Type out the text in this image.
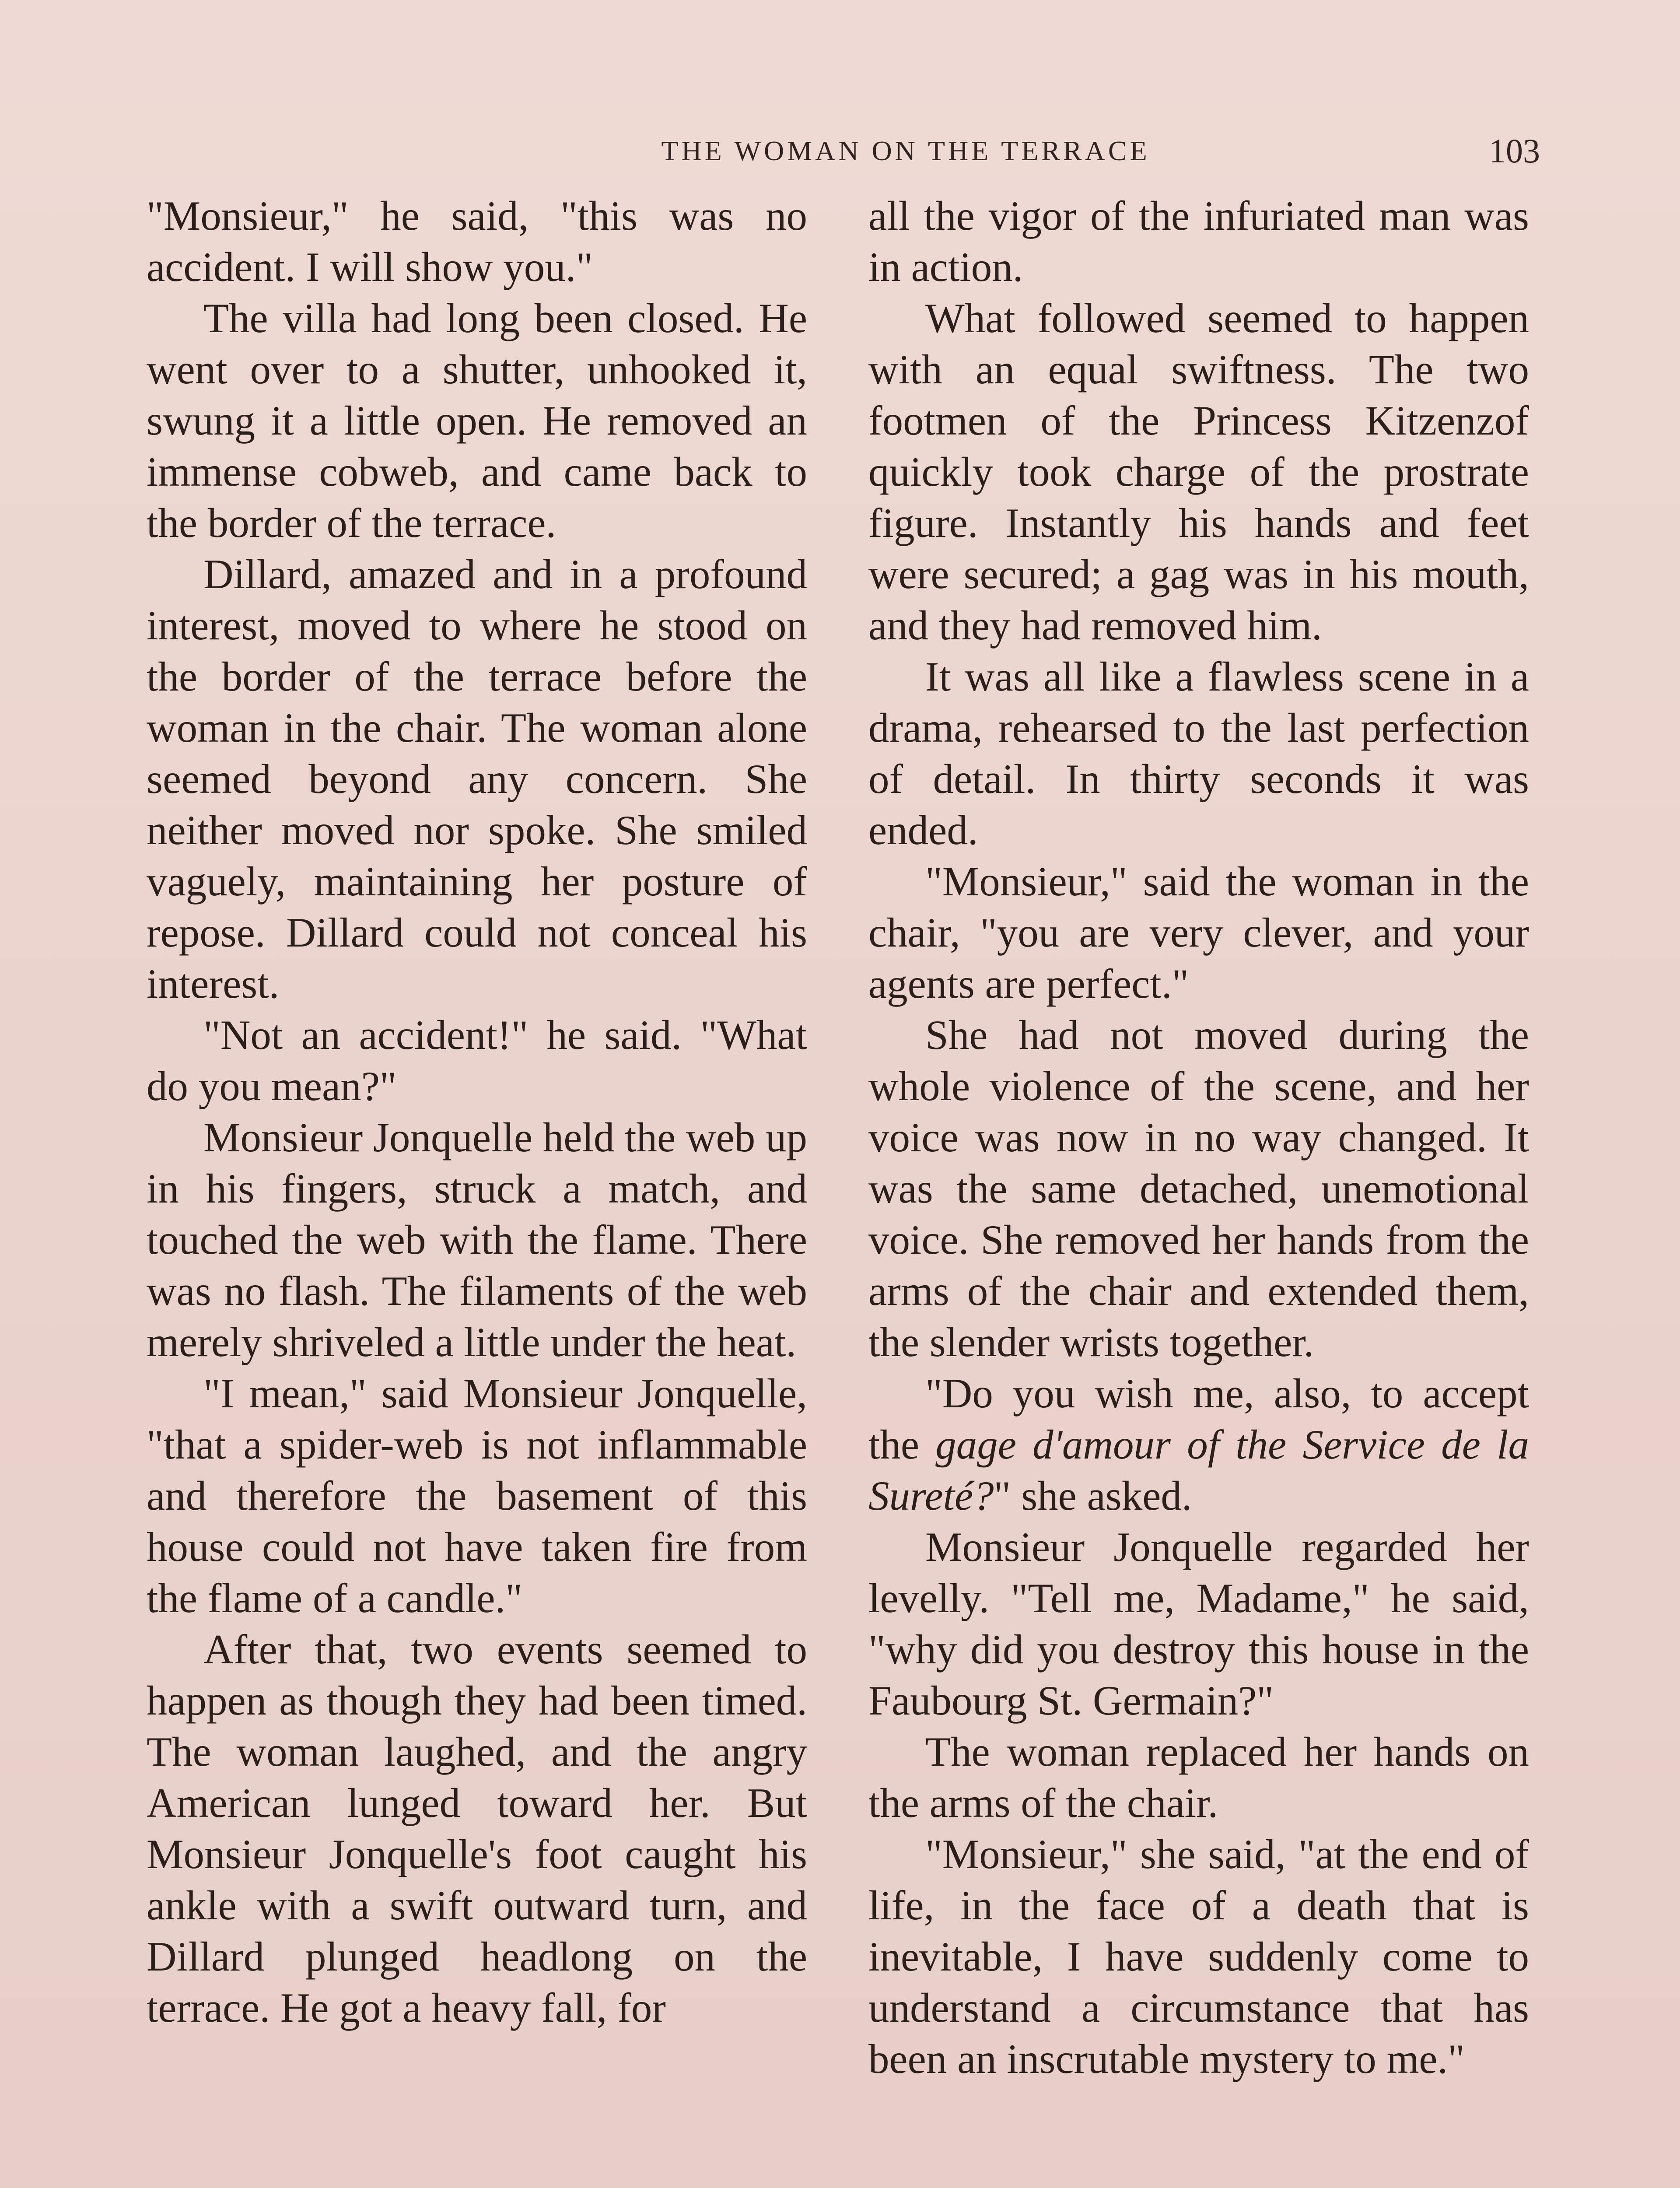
THE WOMAN ON THE TERRACE	103

"Monsieur," he said, "this was no accident. I will show you."

The villa had long been closed. He went over to a shutter, unhooked it, swung it a little open. He removed an immense cobweb, and came back to the border of the terrace.

Dillard, amazed and in a profound interest, moved to where he stood on the border of the terrace before the woman in the chair. The woman alone seemed beyond any concern. She neither moved nor spoke. She smiled vaguely, maintaining her posture of repose. Dillard could not conceal his interest.

"Not an accident!" he said. "What do you mean?"

Monsieur Jonquelle held the web up in his fingers, struck a match, and touched the web with the flame. There was no flash. The filaments of the web merely shriveled a little under the heat.

"I mean," said Monsieur Jonquelle, "that a spider-web is not inflammable and therefore the basement of this house could not have taken fire from the flame of a candle."

After that, two events seemed to happen as though they had been timed. The woman laughed, and the angry American lunged toward her. But Monsieur Jonquelle's foot caught his ankle with a swift outward turn, and Dillard plunged headlong on the terrace. He got a heavy fall, for

all the vigor of the infuriated man was in action.

What followed seemed to happen with an equal swiftness. The two footmen of the Princess Kitzenzof quickly took charge of the prostrate figure. Instantly his hands and feet were secured; a gag was in his mouth, and they had removed him.

It was all like a flawless scene in a drama, rehearsed to the last perfection of detail. In thirty seconds it was ended.

"Monsieur," said the woman in the chair, "you are very clever, and your agents are perfect."

She had not moved during the whole violence of the scene, and her voice was now in no way changed. It was the same detached, unemotional voice. She removed her hands from the arms of the chair and extended them, the slender wrists together.

"Do you wish me, also, to accept the gage d'amour of the Service de la Sureté?" she asked.

Monsieur Jonquelle regarded her levelly. "Tell me, Madame," he said, "why did you destroy this house in the Faubourg St. Germain?"

The woman replaced her hands on the arms of the chair.

"Monsieur," she said, "at the end of life, in the face of a death that is inevitable, I have suddenly come to understand a circumstance that has been an inscrutable mystery to me."
